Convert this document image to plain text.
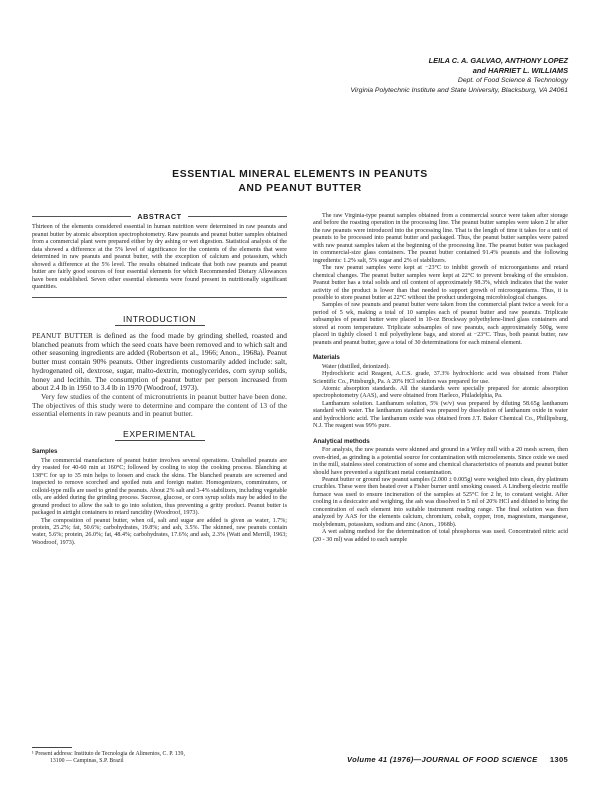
LEILA C. A. GALVAO, ANTHONY LOPEZ
and HARRIET L. WILLIAMS
Dept. of Food Science & Technology
Virginia Polytechnic Institute and State University, Blacksburg, VA 24061
ESSENTIAL MINERAL ELEMENTS IN PEANUTS
AND PEANUT BUTTER
ABSTRACT

Thirteen of the elements considered essential in human nutrition were determined in raw peanuts and peanut butter by atomic absorption spectrophotometry. Raw peanuts and peanut butter samples obtained from a commercial plant were prepared either by dry ashing or wet digestion. Statistical analysis of the data showed a difference at the 5% level of significance for the contents of the elements that were determined in raw peanuts and peanut butter, with the exception of calcium and potassium, which showed a difference at the 5% level. The results obtained indicate that both raw peanuts and peanut butter are fairly good sources of four essential elements for which Recommended Dietary Allowances have been established. Seven other essential elements were found present in nutritionally significant quantities.

INTRODUCTION

PEANUT BUTTER is defined as the food made by grinding shelled, roasted and blanched peanuts from which the seed coats have been removed and to which salt and other seasoning ingredients are added (Robertson et al., 1966; Anon., 1968a). Peanut butter must contain 90% peanuts. Other ingredients customarily added include: salt, hydrogenated oil, dextrose, sugar, malto-dextrin, monoglycerides, corn syrup solids, honey and lecithin. The consumption of peanut butter per person increased from about 2.4 lb in 1950 to 3.4 lb in 1970 (Woodroof, 1973).

Very few studies of the content of micronutrients in peanut butter have been done. The objectives of this study were to determine and compare the content of 13 of the essential elements in raw peanuts and in peanut butter.

EXPERIMENTAL
Samples

The commercial manufacture of peanut butter involves several operations. Unshelled peanuts are dry roasted for 40-60 min at 160°C; followed by cooling to stop the cooking process. Blanching at 138°C for up to 35 min helps to loosen and crack the skins. The blanched peanuts are screened and inspected to remove scorched and spoiled nuts and foreign matter. Homogenizers, comminuters, or colloid-type mills are used to grind the peanuts. About 2% salt and 3-4% stabilizers, including vegetable oils, are added during the grinding process. Sucrose, glucose, or corn syrup solids may be added to the ground product to allow the salt to go into solution, thus preventing a gritty product. Peanut butter is packaged in airtight containers to retard rancidity (Woodroof, 1973).

The composition of peanut butter, when oil, salt and sugar are added is given as water, 1.7%; protein, 25.2%; fat, 50.6%; carbohydrates, 19.8%; and ash, 3.5%. The skinned, raw peanuts contain water, 5.6%; protein, 26.0%; fat, 48.4%; carbohydrates, 17.6%; and ash, 2.3% (Watt and Merrill, 1963; Woodroof, 1973).

The raw Virginia-type peanut samples obtained from a commercial source were taken after storage and before the roasting operation in the processing line. The peanut butter samples were taken 2 hr after the raw peanuts were introduced into the processing line. That is the length of time it takes for a unit of peanuts to be processed into peanut butter and packaged. Thus, the peanut butter samples were paired with raw peanut samples taken at the beginning of the processing line. The peanut butter was packaged in commercial-size glass containers. The peanut butter contained 91.4% peanuts and the following ingredients: 1.2% salt, 5% sugar and 2% of stabilizers.

The raw peanut samples were kept at −23°C to inhibit growth of microorganisms and retard chemical changes. The peanut butter samples were kept at 22°C to prevent breaking of the emulsion. Peanut butter has a total solids and oil content of approximately 98.3%, which indicates that the water activity of the product is lower than that needed to support growth of microorganisms. Thus, it is possible to store peanut butter at 22°C without the product undergoing microbiological changes.

Samples of raw peanuts and peanut butter were taken from the commercial plant twice a week for a period of 5 wk, making a total of 10 samples each of peanut butter and raw peanuts. Triplicate subsamples of peanut butter were placed in 10-oz Brockway polyethylene-lined glass containers and stored at room temperature. Triplicate subsamples of raw peanuts, each approximately 500g, were placed in tightly closed 1 mil polyethylene bags, and stored at −23°C. Thus, both peanut butter, raw peanuts and peanut butter, gave a total of 30 determinations for each mineral element.

Materials

Water (distilled, deionized).

Hydrochloric acid Reagent, A.C.S. grade, 37.3% hydrochloric acid was obtained from Fisher Scientific Co., Pittsburgh, Pa. A 20% HCl solution was prepared for use.

Atomic absorption standards. All the standards were specially prepared for atomic absorption spectrophotometry (AAS), and were obtained from Harleco, Philadelphia, Pa.

Lanthanum solution. Lanthanum solution, 5% (w/v) was prepared by diluting 58.65g lanthanum standard with water. The lanthanum standard was prepared by dissolution of lanthanum oxide in water and hydrochloric acid. The lanthanum oxide was obtained from J.T. Baker Chemical Co., Phillipsburg, N.J. The reagent was 99% pure.

Analytical methods

For analysis, the raw peanuts were skinned and ground in a Wiley mill with a 20 mesh screen, then oven-dried, as grinding is a potential source for contamination with microelements. Since oxide we used in the mill, stainless steel construction of some and chemical characteristics of peanuts and peanut butter should have prevented a significant metal contamination.

Peanut butter or ground raw peanut samples (2.000 ± 0.005g) were weighed into clean, dry platinum crucibles. These were then heated over a Fisher burner until smoking ceased. A Lindberg electric muffle furnace was used to ensure incineration of the samples at 525°C for 2 hr, to constant weight. After cooling in a desiccator and weighing, the ash was dissolved in 5 ml of 20% HCl and diluted to bring the concentration of each element into suitable instrument reading range. The final solution was then analyzed by AAS for the elements calcium, chromium, cobalt, copper, iron, magnesium, manganese, molybdenum, potassium, sodium and zinc (Anon., 1968b).

A wet ashing method for the determination of total phosphorus was used. Concentrated nitric acid (20 - 30 ml) was added to each sample

¹ Present address: Instituto de Tecnologia de Alimentos, C. P. 139,
13100 — Campinas, S.P. Brazil	Volume 41 (1976)—JOURNAL OF FOOD SCIENCE 1305
